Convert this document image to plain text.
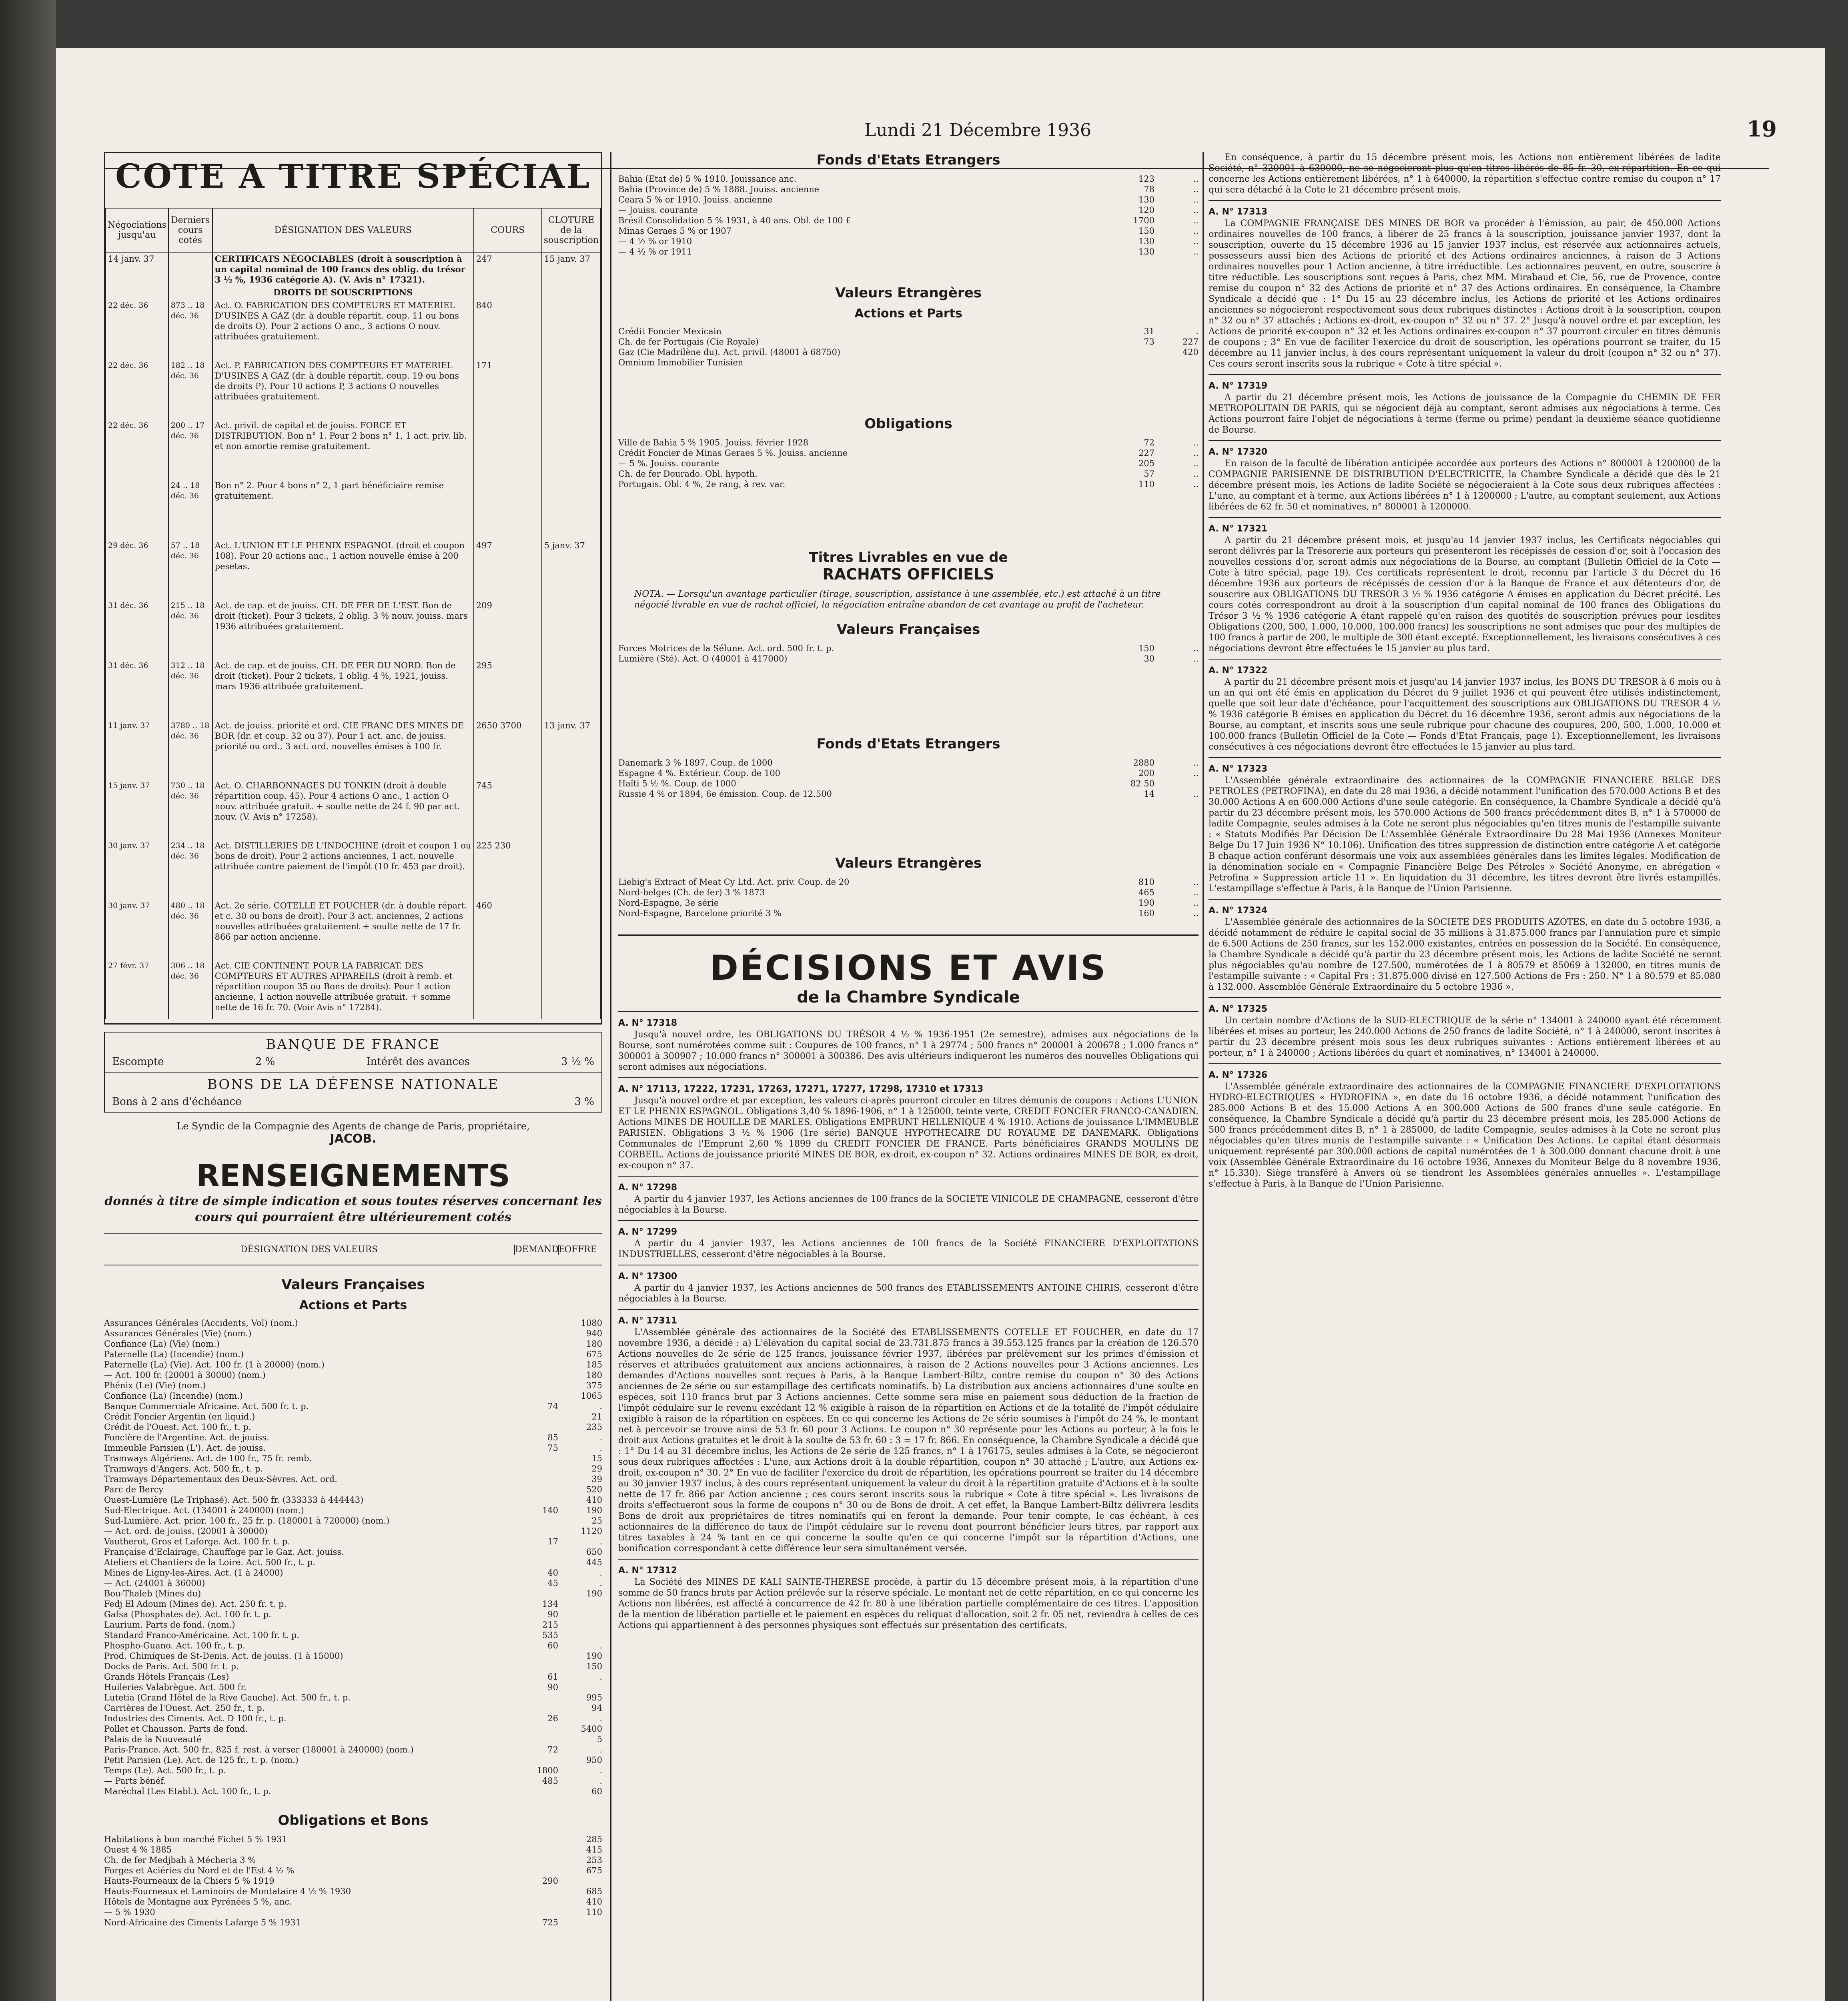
Lundi 21 Décembre 1936	19
COTE A TITRE SPÉCIAL
Négociations jusqu'au	Derniers cours cotés	DÉSIGNATION DES VALEURS	COURS	CLOTURE de la souscription
14 janv. 37		CERTIFICATS NÉGOCIABLES (droit à souscription à un capital nominal de 100 francs des oblig. du trésor 3 ½ %, 1936 catégorie A). (V. Avis n° 17321).	247	15 janv. 37
		DROITS DE SOUSCRIPTIONS		
22 déc. 36	873 .. 18 déc. 36	Act. O. FABRICATION DES COMPTEURS ET MATERIEL D'USINES A GAZ (dr. à double répartit. coup. 11 ou bons de droits O). Pour 2 actions O anc., 3 actions O nouv. attribuées gratuitement.	840	
22 déc. 36	182 .. 18 déc. 36	Act. P. FABRICATION DES COMPTEURS ET MATERIEL D'USINES A GAZ (dr. à double répartit. coup. 19 ou bons de droits P). Pour 10 actions P, 3 actions O nouvelles attribuées gratuitement.	171	
22 déc. 36	200 .. 17 déc. 36	Act. privil. de capital et de jouiss. FORCE ET DISTRIBUTION. Bon n° 1. Pour 2 bons n° 1, 1 act. priv. lib. et non amortie remise gratuitement.		
	24 .. 18 déc. 36	Bon n° 2. Pour 4 bons n° 2, 1 part bénéficiaire remise gratuitement.		
29 déc. 36	57 .. 18 déc. 36	Act. L'UNION ET LE PHENIX ESPAGNOL (droit et coupon 108). Pour 20 actions anc., 1 action nouvelle émise à 200 pesetas.	497	5 janv. 37
31 déc. 36	215 .. 18 déc. 36	Act. de cap. et de jouiss. CH. DE FER DE L'EST. Bon de droit (ticket). Pour 3 tickets, 2 oblig. 3 % nouv. jouiss. mars 1936 attribuées gratuitement.	209	
31 déc. 36	312 .. 18 déc. 36	Act. de cap. et de jouiss. CH. DE FER DU NORD. Bon de droit (ticket). Pour 2 tickets, 1 oblig. 4 %, 1921, jouiss. mars 1936 attribuée gratuitement.	295	
11 janv. 37	3780 .. 18 déc. 36	Act. de jouiss. priorité et ord. CIE FRANC DES MINES DE BOR (dr. et coup. 32 ou 37). Pour 1 act. anc. de jouiss. priorité ou ord., 3 act. ord. nouvelles émises à 100 fr.	2650 3700	13 janv. 37
15 janv. 37	730 .. 18 déc. 36	Act. O. CHARBONNAGES DU TONKIN (droit à double répartition coup. 45). Pour 4 actions O anc., 1 action O nouv. attribuée gratuit. + soulte nette de 24 f. 90 par act. nouv. (V. Avis n° 17258).	745	
30 janv. 37	234 .. 18 déc. 36	Act. DISTILLERIES DE L'INDOCHINE (droit et coupon 1 ou bons de droit). Pour 2 actions anciennes, 1 act. nouvelle attribuée contre paiement de l'impôt (10 fr. 453 par droit).	225 230	
30 janv. 37	480 .. 18 déc. 36	Act. 2e série. COTELLE ET FOUCHER (dr. à double répart. et c. 30 ou bons de droit). Pour 3 act. anciennes, 2 actions nouvelles attribuées gratuitement + soulte nette de 17 fr. 866 par action ancienne.	460	
27 févr. 37	306 .. 18 déc. 36	Act. CIE CONTINENT. POUR LA FABRICAT. DES COMPTEURS ET AUTRES APPAREILS (droit à remb. et répartition coupon 35 ou Bons de droits). Pour 1 action ancienne, 1 action nouvelle attribuée gratuit. + somme nette de 16 fr. 70. (Voir Avis n° 17284).		
BANQUE DE FRANCE
Escompte	2 %	Intérêt des avances	3 ½ %
BONS DE LA DÉFENSE NATIONALE
Bons à 2 ans d'échéance	3 %
Le Syndic de la Compagnie des Agents de change de Paris, propriétaire,
JACOB.
RENSEIGNEMENTS
donnés à titre de simple indication et sous toutes réserves concernant les cours qui pourraient être ultérieurement cotés
DÉSIGNATION DES VALEURS	DEMANDE
OFFRE
Valeurs Françaises
Actions et Parts
Assurances Générales (Accidents, Vol) (nom.)	1080
Assurances Générales (Vie) (nom.)	940
Confiance (La) (Vie) (nom.)	180
Paternelle (La) (Incendie) (nom.)	675
Paternelle (La) (Vie). Act. 100 fr. (1 à 20000) (nom.)	185
— Act. 100 fr. (20001 à 30000) (nom.)	180
Phénix (Le) (Vie) (nom.)	375
Confiance (La) (Incendie) (nom.)	1065
Banque Commerciale Africaine. Act. 500 fr. t. p.	74	.
Crédit Foncier Argentin (en liquid.)	21
Crédit de l'Ouest. Act. 100 fr., t. p.	235
Foncière de l'Argentine. Act. de jouiss.	85	.
Immeuble Parisien (L'). Act. de jouiss.	75	.
Tramways Algériens. Act. de 100 fr., 75 fr. remb.	15
Tramways d'Angers. Act. 500 fr., t. p.	29
Tramways Départementaux des Deux-Sèvres. Act. ord.	39
Parc de Bercy	520
Ouest-Lumière (Le Triphasé). Act. 500 fr. (333333 à 444443)	410
Sud-Electrique. Act. (134001 à 240000) (nom.)	140	190
Sud-Lumière. Act. prior. 100 fr., 25 fr. p. (180001 à 720000) (nom.)	25
— Act. ord. de jouiss. (20001 à 30000)	1120
Vautherot, Gros et Laforge. Act. 100 fr. t. p.	17	.
Française d'Eclairage, Chauffage par le Gaz. Act. jouiss.	650
Ateliers et Chantiers de la Loire. Act. 500 fr., t. p.	445
Mines de Ligny-les-Aires. Act. (1 à 24000)	40	.
— Act. (24001 à 36000)	45	.
Bou-Thaleb (Mines du)	190
Fedj El Adoum (Mines de). Act. 250 fr. t. p.	134
Gafsa (Phosphates de). Act. 100 fr. t. p.	90
Laurium. Parts de fond. (nom.)	215
Standard Franco-Américaine. Act. 100 fr. t. p.	535
Phospho-Guano. Act. 100 fr., t. p.	60	.
Prod. Chimiques de St-Denis. Act. de jouiss. (1 à 15000)	190
Docks de Paris. Act. 500 fr. t. p.	150
Grands Hôtels Français (Les)	61	.
Huileries Valabrègue. Act. 500 fr.	90
Lutetia (Grand Hôtel de la Rive Gauche). Act. 500 fr., t. p.	995
Carrières de l'Ouest. Act. 250 fr., t. p.	94
Industries des Ciments. Act. D 100 fr., t. p.	26	.
Pollet et Chausson. Parts de fond.	5400
Palais de la Nouveauté	5
Paris-France. Act. 500 fr., 825 f. rest. à verser (180001 à 240000) (nom.)	72	.
Petit Parisien (Le). Act. de 125 fr., t. p. (nom.)	950
Temps (Le). Act. 500 fr., t. p.	1800	.
— Parts bénéf.	485	.
Maréchal (Les Etabl.). Act. 100 fr., t. p.	60
Obligations et Bons
Habitations à bon marché Fichet 5 % 1931	285
Ouest 4 % 1885	415
Ch. de fer Medjbah à Mécheria 3 %	253
Forges et Aciéries du Nord et de l'Est 4 ½ %	675
Hauts-Fourneaux de la Chiers 5 % 1919	290
Hauts-Fourneaux et Laminoirs de Montataire 4 ½ % 1930	685
Hôtels de Montagne aux Pyrénées 5 %, anc.	410
— 5 % 1930	110
Nord-Africaine des Ciments Lafarge 5 % 1931	725
Fonds d'Etats Etrangers
Bahia (Etat de) 5 % 1910. Jouissance anc.	123	..
Bahia (Province de) 5 % 1888. Jouiss. ancienne	78	..
Ceara 5 % or 1910. Jouiss. ancienne	130	..
— Jouiss. courante	120	..
Brésil Consolidation 5 % 1931, à 40 ans. Obl. de 100 £	1700	..
Minas Geraes 5 % or 1907	150	..
— 4 ½ % or 1910	130	..
— 4 ½ % or 1911	130	..
Valeurs Etrangères
Actions et Parts
Crédit Foncier Mexicain	31	.
Ch. de fer Portugais (Cie Royale)	73	227
Gaz (Cie Madrilène du). Act. privil. (48001 à 68750)	420
Omnium Immobilier Tunisien
Obligations
Ville de Bahia 5 % 1905. Jouiss. février 1928	72	..
Crédit Foncier de Minas Geraes 5 %. Jouiss. ancienne	227	..
— 5 %. Jouiss. courante	205	..
Ch. de fer Dourado. Obl. hypoth.	57	..
Portugais. Obl. 4 %, 2e rang, à rev. var.	110	..
Titres Livrables en vue de
RACHATS OFFICIELS
NOTA. — Lorsqu'un avantage particulier (tirage, souscription, assistance à une assemblée, etc.) est attaché à un titre négocié livrable en vue de rachat officiel, la négociation entraîne abandon de cet avantage au profit de l'acheteur.
Valeurs Françaises
Forces Motrices de la Sélune. Act. ord. 500 fr. t. p.	150	..
Lumière (Sté). Act. O (40001 à 417000)	30	..
Fonds d'Etats Etrangers
Danemark 3 % 1897. Coup. de 1000	2880	..
Espagne 4 %. Extérieur. Coup. de 100	200	..
Haïti 5 ½ %. Coup. de 1000	82 50
Russie 4 % or 1894, 6e émission. Coup. de 12.500	14	..
Valeurs Etrangères
Liebig's Extract of Meat Cy Ltd. Act. priv. Coup. de 20	810	..
Nord-belges (Ch. de fer) 3 % 1873	465	..
Nord-Espagne, 3e série	190	..
Nord-Espagne, Barcelone priorité 3 %	160	..
DÉCISIONS ET AVIS
de la Chambre Syndicale
A. N° 17318
Jusqu'à nouvel ordre, les OBLIGATIONS DU TRÉSOR 4 ½ % 1936-1951 (2e semestre), admises aux négociations de la Bourse, sont numérotées comme suit : Coupures de 100 francs, n° 1 à 29774 ; 500 francs n° 200001 à 200678 ; 1.000 francs n° 300001 à 300907 ; 10.000 francs n° 300001 à 300386. Des avis ultérieurs indiqueront les numéros des nouvelles Obligations qui seront admises aux négociations.
A. N° 17113, 17222, 17231, 17263, 17271, 17277, 17298, 17310 et 17313
Jusqu'à nouvel ordre et par exception, les valeurs ci-après pourront circuler en titres démunis de coupons : Actions L'UNION ET LE PHENIX ESPAGNOL. Obligations 3,40 % 1896-1906, n° 1 à 125000, teinte verte, CREDIT FONCIER FRANCO-CANADIEN. Actions MINES DE HOUILLE DE MARLES. Obligations EMPRUNT HELLENIQUE 4 % 1910. Actions de jouissance L'IMMEUBLE PARISIEN. Obligations 3 ½ % 1906 (1re série) BANQUE HYPOTHECAIRE DU ROYAUME DE DANEMARK. Obligations Communales de l'Emprunt 2,60 % 1899 du CREDIT FONCIER DE FRANCE. Parts bénéficiaires GRANDS MOULINS DE CORBEIL. Actions de jouissance priorité MINES DE BOR, ex-droit, ex-coupon n° 32. Actions ordinaires MINES DE BOR, ex-droit, ex-coupon n° 37.
A. N° 17298
A partir du 4 janvier 1937, les Actions anciennes de 100 francs de la SOCIETE VINICOLE DE CHAMPAGNE, cesseront d'être négociables à la Bourse.
A. N° 17299
A partir du 4 janvier 1937, les Actions anciennes de 100 francs de la Société FINANCIERE D'EXPLOITATIONS INDUSTRIELLES, cesseront d'être négociables à la Bourse.
A. N° 17300
A partir du 4 janvier 1937, les Actions anciennes de 500 francs des ETABLISSEMENTS ANTOINE CHIRIS, cesseront d'être négociables à la Bourse.
A. N° 17311
L'Assemblée générale des actionnaires de la Société des ETABLISSEMENTS COTELLE ET FOUCHER, en date du 17 novembre 1936, a décidé : a) L'élévation du capital social de 23.731.875 francs à 39.553.125 francs par la création de 126.570 Actions nouvelles de 2e série de 125 francs, jouissance février 1937, libérées par prélèvement sur les primes d'émission et réserves et attribuées gratuitement aux anciens actionnaires, à raison de 2 Actions nouvelles pour 3 Actions anciennes. Les demandes d'Actions nouvelles sont reçues à Paris, à la Banque Lambert-Biltz, contre remise du coupon n° 30 des Actions anciennes de 2e série ou sur estampillage des certificats nominatifs. b) La distribution aux anciens actionnaires d'une soulte en espèces, soit 110 francs brut par 3 Actions anciennes. Cette somme sera mise en paiement sous déduction de la fraction de l'impôt cédulaire sur le revenu excédant 12 % exigible à raison de la répartition en Actions et de la totalité de l'impôt cédulaire exigible à raison de la répartition en espèces. En ce qui concerne les Actions de 2e série soumises à l'impôt de 24 %, le montant net à percevoir se trouve ainsi de 53 fr. 60 pour 3 Actions. Le coupon n° 30 représente pour les Actions au porteur, à la fois le droit aux Actions gratuites et le droit à la soulte de 53 fr. 60 : 3 = 17 fr. 866. En conséquence, la Chambre Syndicale a décidé que : 1° Du 14 au 31 décembre inclus, les Actions de 2e série de 125 francs, n° 1 à 176175, seules admises à la Cote, se négocieront sous deux rubriques affectées : L'une, aux Actions droit à la double répartition, coupon n° 30 attaché ; L'autre, aux Actions ex-droit, ex-coupon n° 30. 2° En vue de faciliter l'exercice du droit de répartition, les opérations pourront se traiter du 14 décembre au 30 janvier 1937 inclus, à des cours représentant uniquement la valeur du droit à la répartition gratuite d'Actions et à la soulte nette de 17 fr. 866 par Action ancienne ; ces cours seront inscrits sous la rubrique « Cote à titre spécial ». Les livraisons de droits s'effectueront sous la forme de coupons n° 30 ou de Bons de droit. A cet effet, la Banque Lambert-Biltz délivrera lesdits Bons de droit aux propriétaires de titres nominatifs qui en feront la demande. Pour tenir compte, le cas échéant, à ces actionnaires de la différence de taux de l'impôt cédulaire sur le revenu dont pourront bénéficier leurs titres, par rapport aux titres taxables à 24 % tant en ce qui concerne la soulte qu'en ce qui concerne l'impôt sur la répartition d'Actions, une bonification correspondant à cette différence leur sera simultanément versée.
A. N° 17312
La Société des MINES DE KALI SAINTE-THERESE procède, à partir du 15 décembre présent mois, à la répartition d'une somme de 50 francs bruts par Action prélevée sur la réserve spéciale. Le montant net de cette répartition, en ce qui concerne les Actions non libérées, est affecté à concurrence de 42 fr. 80 à une libération partielle complémentaire de ces titres. L'apposition de la mention de libération partielle et le paiement en espèces du reliquat d'allocation, soit 2 fr. 05 net, reviendra à celles de ces Actions qui appartiennent à des personnes physiques sont effectués sur présentation des certificats.
En conséquence, à partir du 15 décembre présent mois, les Actions non entièrement libérées de ladite Société, n° 320001 à 630000, ne se négocieront plus qu'en titres libérés de 85 fr. 30, ex-répartition. En ce qui concerne les Actions entièrement libérées, n° 1 à 640000, la répartition s'effectue contre remise du coupon n° 17 qui sera détaché à la Cote le 21 décembre présent mois.
A. N° 17313
La COMPAGNIE FRANÇAISE DES MINES DE BOR va procéder à l'émission, au pair, de 450.000 Actions ordinaires nouvelles de 100 francs, à libérer de 25 francs à la souscription, jouissance janvier 1937, dont la souscription, ouverte du 15 décembre 1936 au 15 janvier 1937 inclus, est réservée aux actionnaires actuels, possesseurs aussi bien des Actions de priorité et des Actions ordinaires anciennes, à raison de 3 Actions ordinaires nouvelles pour 1 Action ancienne, à titre irréductible. Les actionnaires peuvent, en outre, souscrire à titre réductible. Les souscriptions sont reçues à Paris, chez MM. Mirabaud et Cie, 56, rue de Provence, contre remise du coupon n° 32 des Actions de priorité et n° 37 des Actions ordinaires. En conséquence, la Chambre Syndicale a décidé que : 1° Du 15 au 23 décembre inclus, les Actions de priorité et les Actions ordinaires anciennes se négocieront respectivement sous deux rubriques distinctes : Actions droit à la souscription, coupon n° 32 ou n° 37 attachés ; Actions ex-droit, ex-coupon n° 32 ou n° 37. 2° Jusqu'à nouvel ordre et par exception, les Actions de priorité ex-coupon n° 32 et les Actions ordinaires ex-coupon n° 37 pourront circuler en titres démunis de coupons ; 3° En vue de faciliter l'exercice du droit de souscription, les opérations pourront se traiter, du 15 décembre au 11 janvier inclus, à des cours représentant uniquement la valeur du droit (coupon n° 32 ou n° 37). Ces cours seront inscrits sous la rubrique « Cote à titre spécial ».
A. N° 17319
A partir du 21 décembre présent mois, les Actions de jouissance de la Compagnie du CHEMIN DE FER METROPOLITAIN DE PARIS, qui se négocient déjà au comptant, seront admises aux négociations à terme. Ces Actions pourront faire l'objet de négociations à terme (ferme ou prime) pendant la deuxième séance quotidienne de Bourse.
A. N° 17320
En raison de la faculté de libération anticipée accordée aux porteurs des Actions n° 800001 à 1200000 de la COMPAGNIE PARISIENNE DE DISTRIBUTION D'ELECTRICITE, la Chambre Syndicale a décidé que dès le 21 décembre présent mois, les Actions de ladite Société se négocieraient à la Cote sous deux rubriques affectées : L'une, au comptant et à terme, aux Actions libérées n° 1 à 1200000 ; L'autre, au comptant seulement, aux Actions libérées de 62 fr. 50 et nominatives, n° 800001 à 1200000.
A. N° 17321
A partir du 21 décembre présent mois, et jusqu'au 14 janvier 1937 inclus, les Certificats négociables qui seront délivrés par la Trésorerie aux porteurs qui présenteront les récépissés de cession d'or, soit à l'occasion des nouvelles cessions d'or, seront admis aux négociations de la Bourse, au comptant (Bulletin Officiel de la Cote — Cote à titre spécial, page 19). Ces certificats représentent le droit, reconnu par l'article 3 du Décret du 16 décembre 1936 aux porteurs de récépissés de cession d'or à la Banque de France et aux détenteurs d'or, de souscrire aux OBLIGATIONS DU TRESOR 3 ½ % 1936 catégorie A émises en application du Décret précité. Les cours cotés correspondront au droit à la souscription d'un capital nominal de 100 francs des Obligations du Trésor 3 ½ % 1936 catégorie A étant rappelé qu'en raison des quotités de souscription prévues pour lesdites Obligations (200, 500, 1.000, 10.000, 100.000 francs) les souscriptions ne sont admises que pour des multiples de 100 francs à partir de 200, le multiple de 300 étant excepté. Exceptionnellement, les livraisons consécutives à ces négociations devront être effectuées le 15 janvier au plus tard.
A. N° 17322
A partir du 21 décembre présent mois et jusqu'au 14 janvier 1937 inclus, les BONS DU TRESOR à 6 mois ou à un an qui ont été émis en application du Décret du 9 juillet 1936 et qui peuvent être utilisés indistinctement, quelle que soit leur date d'échéance, pour l'acquittement des souscriptions aux OBLIGATIONS DU TRESOR 4 ½ % 1936 catégorie B émises en application du Décret du 16 décembre 1936, seront admis aux négociations de la Bourse, au comptant, et inscrits sous une seule rubrique pour chacune des coupures, 200, 500, 1.000, 10.000 et 100.000 francs (Bulletin Officiel de la Cote — Fonds d'Etat Français, page 1). Exceptionnellement, les livraisons consécutives à ces négociations devront être effectuées le 15 janvier au plus tard.
A. N° 17323
L'Assemblée générale extraordinaire des actionnaires de la COMPAGNIE FINANCIERE BELGE DES PETROLES (PETROFINA), en date du 28 mai 1936, a décidé notamment l'unification des 570.000 Actions B et des 30.000 Actions A en 600.000 Actions d'une seule catégorie. En conséquence, la Chambre Syndicale a décidé qu'à partir du 23 décembre présent mois, les 570.000 Actions de 500 francs précédemment dites B, n° 1 à 570000 de ladite Compagnie, seules admises à la Cote ne seront plus négociables qu'en titres munis de l'estampille suivante : « Statuts Modifiés Par Décision De L'Assemblée Générale Extraordinaire Du 28 Mai 1936 (Annexes Moniteur Belge Du 17 Juin 1936 N° 10.106). Unification des titres suppression de distinction entre catégorie A et catégorie B chaque action conférant désormais une voix aux assemblées générales dans les limites légales. Modification de la dénomination sociale en « Compagnie Financière Belge Des Pétroles » Société Anonyme, en abrégation « Petrofina » Suppression article 11 ». En liquidation du 31 décembre, les titres devront être livrés estampillés. L'estampillage s'effectue à Paris, à la Banque de l'Union Parisienne.
A. N° 17324
L'Assemblée générale des actionnaires de la SOCIETE DES PRODUITS AZOTES, en date du 5 octobre 1936, a décidé notamment de réduire le capital social de 35 millions à 31.875.000 francs par l'annulation pure et simple de 6.500 Actions de 250 francs, sur les 152.000 existantes, entrées en possession de la Société. En conséquence, la Chambre Syndicale a décidé qu'à partir du 23 décembre présent mois, les Actions de ladite Société ne seront plus négociables qu'au nombre de 127.500, numérotées de 1 à 80579 et 85069 à 132000, en titres munis de l'estampille suivante : « Capital Frs : 31.875.000 divisé en 127.500 Actions de Frs : 250. N° 1 à 80.579 et 85.080 à 132.000. Assemblée Générale Extraordinaire du 5 octobre 1936 ».
A. N° 17325
Un certain nombre d'Actions de la SUD-ELECTRIQUE de la série n° 134001 à 240000 ayant été récemment libérées et mises au porteur, les 240.000 Actions de 250 francs de ladite Société, n° 1 à 240000, seront inscrites à partir du 23 décembre présent mois sous les deux rubriques suivantes : Actions entièrement libérées et au porteur, n° 1 à 240000 ; Actions libérées du quart et nominatives, n° 134001 à 240000.
A. N° 17326
L'Assemblée générale extraordinaire des actionnaires de la COMPAGNIE FINANCIERE D'EXPLOITATIONS HYDRO-ELECTRIQUES « HYDROFINA », en date du 16 octobre 1936, a décidé notamment l'unification des 285.000 Actions B et des 15.000 Actions A en 300.000 Actions de 500 francs d'une seule catégorie. En conséquence, la Chambre Syndicale a décidé qu'à partir du 23 décembre présent mois, les 285.000 Actions de 500 francs précédemment dites B, n° 1 à 285000, de ladite Compagnie, seules admises à la Cote ne seront plus négociables qu'en titres munis de l'estampille suivante : « Unification Des Actions. Le capital étant désormais uniquement représenté par 300.000 actions de capital numérotées de 1 à 300.000 donnant chacune droit à une voix (Assemblée Générale Extraordinaire du 16 octobre 1936, Annexes du Moniteur Belge du 8 novembre 1936, n° 15.330). Siège transféré à Anvers où se tiendront les Assemblées générales annuelles ». L'estampillage s'effectue à Paris, à la Banque de l'Union Parisienne.
